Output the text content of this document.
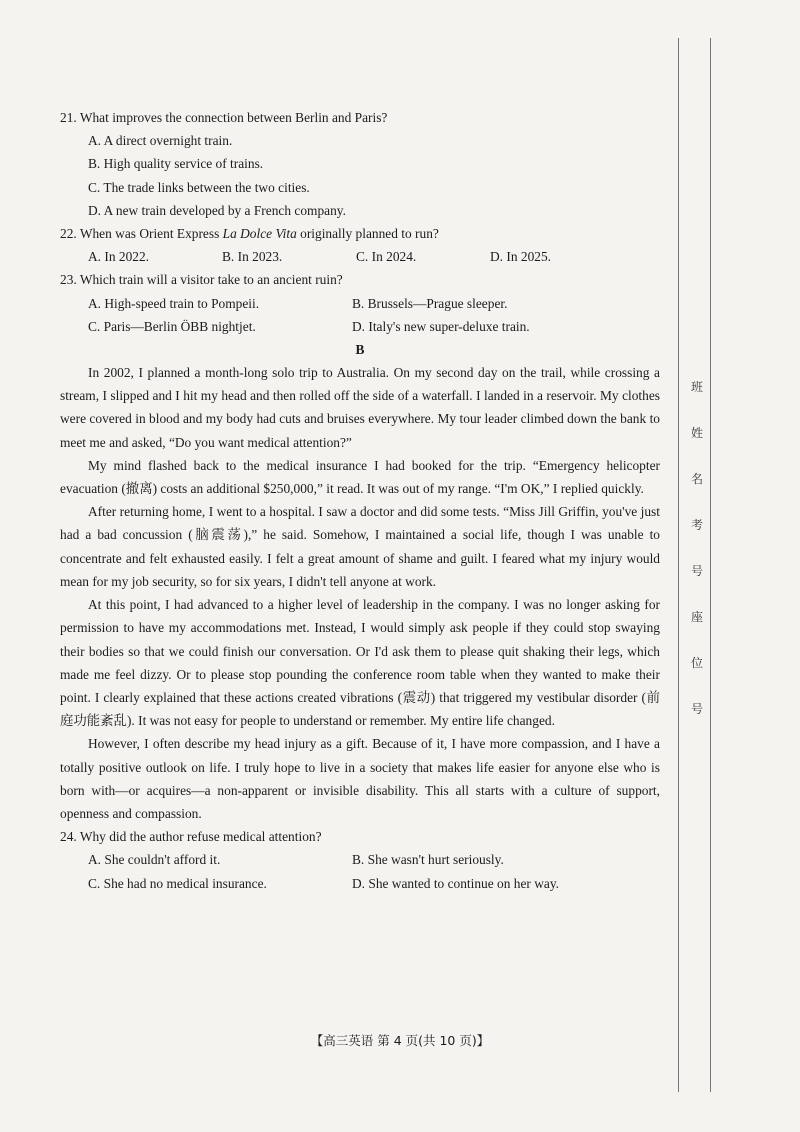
班
姓
名
考
号
座
位
号
21. What improves the connection between Berlin and Paris?
A. A direct overnight train.
B. High quality service of trains.
C. The trade links between the two cities.
D. A new train developed by a French company.
22. When was Orient Express La Dolce Vita originally planned to run?
A. In 2022.	B. In 2023.	C. In 2024.	D. In 2025.
23. Which train will a visitor take to an ancient ruin?
A. High-speed train to Pompeii.	B. Brussels—Prague sleeper.
C. Paris—Berlin ÖBB nightjet.	D. Italy's new super-deluxe train.
B

In 2002, I planned a month-long solo trip to Australia. On my second day on the trail, while crossing a stream, I slipped and I hit my head and then rolled off the side of a waterfall. I landed in a reservoir. My clothes were covered in blood and my body had cuts and bruises everywhere. My tour leader climbed down the bank to meet me and asked, “Do you want medical attention?”

My mind flashed back to the medical insurance I had booked for the trip. “Emergency helicopter evacuation (撤离) costs an additional $250,000,” it read. It was out of my range. “I'm OK,” I replied quickly.

After returning home, I went to a hospital. I saw a doctor and did some tests. “Miss Jill Griffin, you've just had a bad concussion (脑震荡),” he said. Somehow, I maintained a social life, though I was unable to concentrate and felt exhausted easily. I felt a great amount of shame and guilt. I feared what my injury would mean for my job security, so for six years, I didn't tell anyone at work.

At this point, I had advanced to a higher level of leadership in the company. I was no longer asking for permission to have my accommodations met. Instead, I would simply ask people if they could stop swaying their bodies so that we could finish our conversation. Or I'd ask them to please quit shaking their legs, which made me feel dizzy. Or to please stop pounding the conference room table when they wanted to make their point. I clearly explained that these actions created vibrations (震动) that triggered my vestibular disorder (前庭功能紊乱). It was not easy for people to understand or remember. My entire life changed.

However, I often describe my head injury as a gift. Because of it, I have more compassion, and I have a totally positive outlook on life. I truly hope to live in a society that makes life easier for anyone else who is born with—or acquires—a non-apparent or invisible disability. This all starts with a culture of support, openness and compassion.

24. Why did the author refuse medical attention?
A. She couldn't afford it.	B. She wasn't hurt seriously.
C. She had no medical insurance.	D. She wanted to continue on her way.
【高三英语 第 4 页(共 10 页)】
